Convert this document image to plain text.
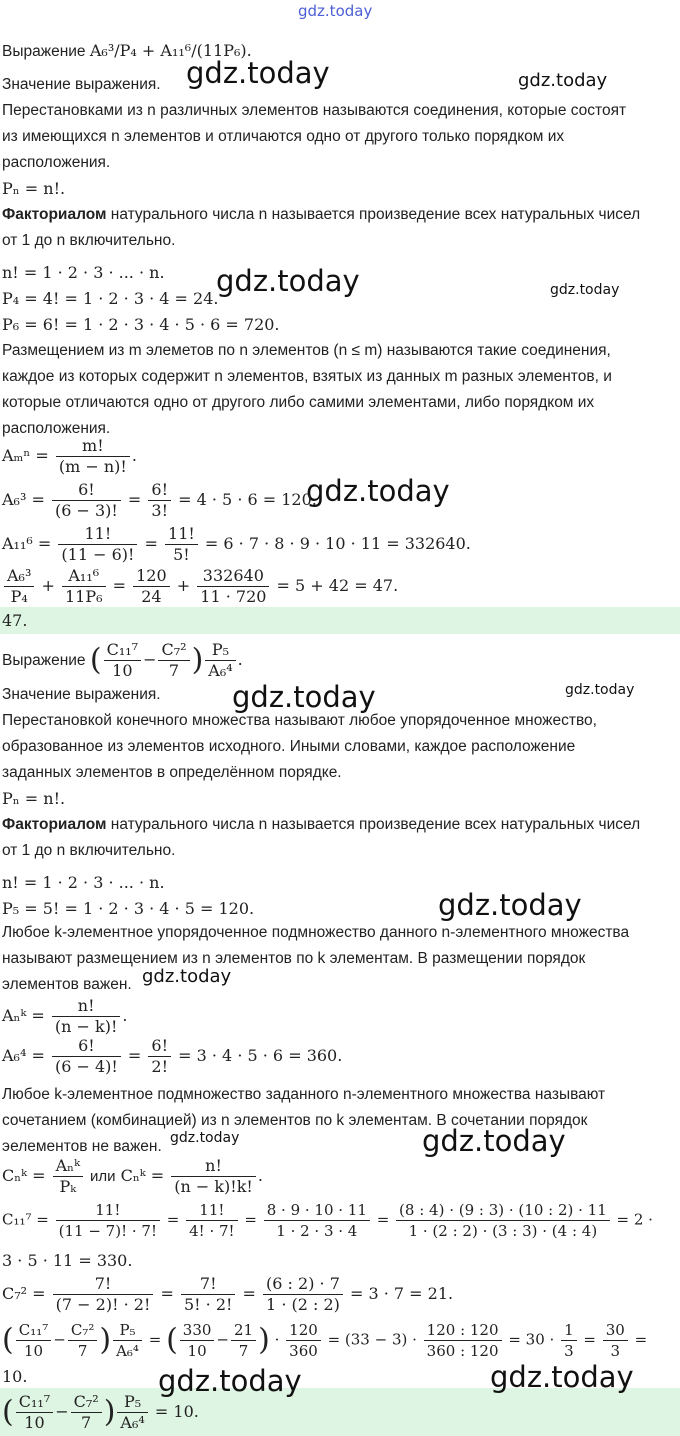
gdz.today
gdz.today	gdz.today
gdz.today	gdz.today
gdz.today
gdz.today	gdz.today
gdz.today
gdz.today
gdz.today
gdz.today
gdz.today	gdz.today
Выражение A₆³/P₄ + A₁₁⁶/(11P₆).
Значение выражения.
Перестановками из n различных элементов называются соединения, которые состоят
из имеющихся n элементов и отличаются одно от другого только порядком их
расположения.
Pₙ = n!.
Факториалом натурального числа n называется произведение всех натуральных чисел
от 1 до n включительно.
n! = 1 · 2 · 3 · ... · n.
P₄ = 4! = 1 · 2 · 3 · 4 = 24.
P₆ = 6! = 1 · 2 · 3 · 4 · 5 · 6 = 720.
Размещением из m элеметов по n элементов (n ≤ m) называются такие соединения,
каждое из которых содержит n элементов, взятых из данных m разных элементов, и
которые отличаются одно от другого либо самими элементами, либо порядком их
расположения.
$A_m^n = \frac{m!}{(m - n)!}$ .
$A_6^3 = \frac{6!}{(6 - 3)!} = \frac{6!}{3!} = 4 \cdot 5 \cdot 6 = 120$.
$A_{11}^6 = \frac{11!}{(11 - 6)!} = \frac{11!}{5!} = 6 \cdot 7 \cdot 8 \cdot 9 \cdot 10 \cdot 11 = 332640$.
$\frac{\text{A₆³}}{\text{P₄}} + \frac{\text{A₁₁⁶}}{\text{11P₆}} = \frac{120}{24} + \frac{332640}{11 \cdot 720} = 5 + 42 = 47$.
47.
Выражение ( $\frac{\text{C₁₁⁷}}{10} - \frac{\text{C₇²}}{7}$ ) $\frac{\text{P₅}}{\text{A₆⁴}}$ .
Значение выражения.
Перестановкой конечного множества называют любое упорядоченное множество,
образованное из элементов исходного. Иными словами, каждое расположение
заданных элементов в определённом порядке.
Pₙ = n!.
Факториалом натурального числа n называется произведение всех натуральных чисел
от 1 до n включительно.
n! = 1 · 2 · 3 · ... · n.
P₅ = 5! = 1 · 2 · 3 · 4 · 5 = 120.
Любое k-элементное упорядоченное подмножество данного n-элементного множества
называют размещением из n элементов по k элементам. В размещении порядок
элементов важен.
Aₙᵏ = $\frac{n!}{(n - k)!}$ .
$A_6^4 = \frac{6!}{(6 - 4)!} = \frac{6!}{2!} = 3 \cdot 4 \cdot 5 \cdot 6 = 360$.
Любое k-элементное подмножество заданного n-элементного множества называют
сочетанием (комбинацией) из n элементов по k элементам. В сочетании порядок
эелементов не важен.
Cₙᵏ =
Aₙᵏ
Pₖ
или Cₙᵏ = $\frac{n!}{(n - k)!k!}$ .
$C_{11}^7 = \frac{11!}{(11 - 7)! \cdot 7!} = \frac{11!}{4! \cdot 7!} = \frac{8 \cdot 9 \cdot 10 \cdot 11}{1 \cdot 2 \cdot 3 \cdot 4} = \frac{(8 : 4) \cdot (9 : 3) \cdot (10 : 2) \cdot 11}{1 \cdot (2 : 2) \cdot (3 : 3) \cdot (4 : 4)} = 2$ ·
3 · 5 · 11 = 330.
$C_7^2 = \frac{7!}{(7 - 2)! \cdot 2!} = \frac{7!}{5! \cdot 2!} = \frac{(6 : 2) \cdot 7}{1 \cdot (2 : 2)} = 3 \cdot 7 = 21$.
( $\frac{\text{C₁₁⁷}}{10} - \frac{\text{C₇²}}{7}$ ) $\frac{\text{P₅}}{\text{A₆⁴}}$ = ( $\frac{330}{10} - \frac{21}{7}$ ) · $\frac{120}{360} = (33 - 3) \cdot \frac{120 : 120}{360 : 120} = 30 \cdot \frac{1}{3} = \frac{30}{3}$ =
10.
( $\frac{\text{C₁₁⁷}}{10} - \frac{\text{C₇²}}{7}$ ) $\frac{\text{P₅}}{\text{A₆⁴}} = 10$.
